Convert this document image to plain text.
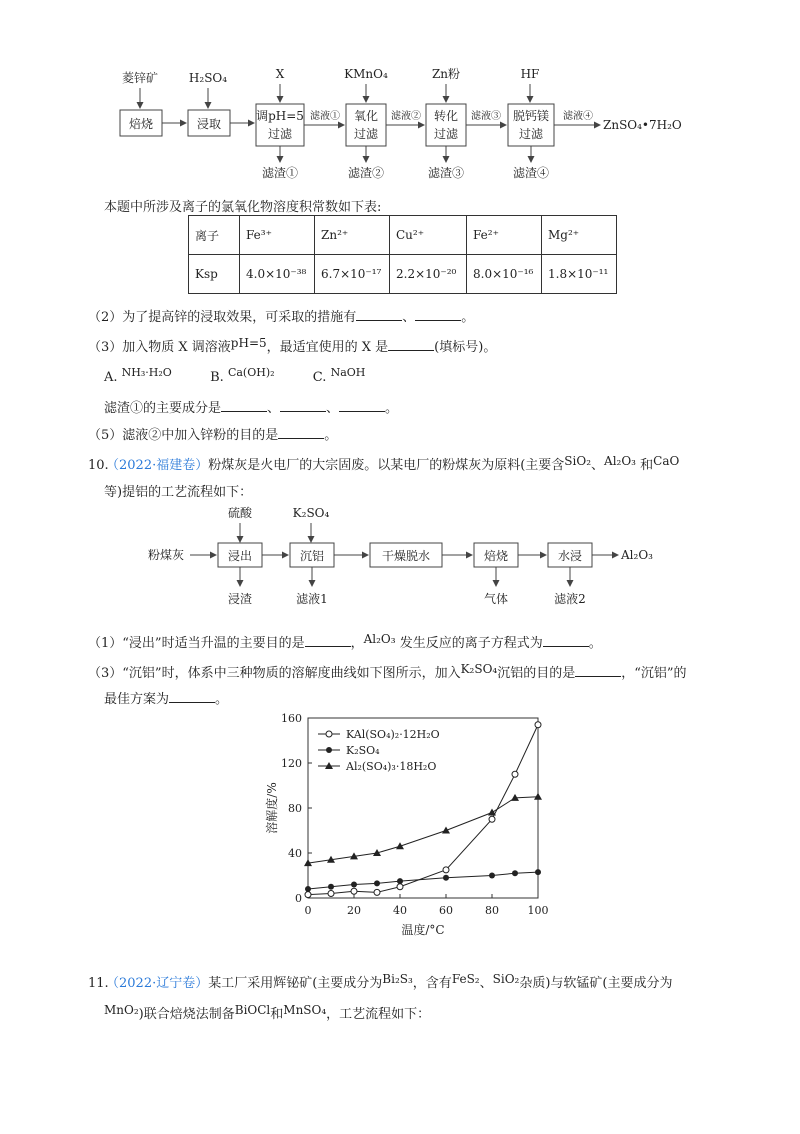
菱锌矿	H₂SO₄	X	KMnO₄	Zn粉	HF
焙烧	浸取
调pH=5
过滤
氧化
过滤
转化
过滤
脱钙镁
过滤
滤液①	滤液②	滤液③	滤液④
ZnSO₄•7H₂O
滤渣①	滤渣②	滤渣③	滤渣④
本题中所涉及离子的氯氧化物溶度积常数如下表:
离子	Fe³⁺	Zn²⁺	Cu²⁺	Fe²⁺	Mg²⁺
Ksp	4.0×10⁻³⁸	6.7×10⁻¹⁷	2.2×10⁻²⁰	8.0×10⁻¹⁶	1.8×10⁻¹¹
（2）为了提高锌的浸取效果，可采取的措施有	、	。
（3）加入物质 X 调溶液pH=5，最适宜使用的 X 是	(填标号)。
A. $^{NH_3\cdot H_2O}$	B. $^{Ca(OH)_2}$	C. $^{NaOH}$
滤渣①的主要成分是	、	、	。
（5）滤液②中加入锌粉的目的是	。
10.（2022·福建卷）粉煤灰是火电厂的大宗固废。以某电厂的粉煤灰为原料(主要含SiO₂、Al₂O₃ 和CaO
等)提铝的工艺流程如下：
硫酸	K₂SO₄
粉煤灰	浸出	沉铝	干燥脱水	焙烧	水浸	Al₂O₃
浸渣	滤液1	气体	滤液2
（1）“浸出”时适当升温的主要目的是	，Al₂O₃ 发生反应的离子方程式为	。
（3）“沉铝”时，体系中三种物质的溶解度曲线如下图所示，加入K₂SO₄沉铝的目的是	，“沉铝”的
最佳方案为	。
0	20	40	60	80	100
0
40
80
120
160
温度/°C
溶解度/%
KAl(SO₄)₂·12H₂O
K₂SO₄
Al₂(SO₄)₃·18H₂O
11.（2022·辽宁卷）某工厂采用辉铋矿(主要成分为Bi₂S₃，含有FeS₂、SiO₂杂质)与软锰矿(主要成分为
MnO₂)联合焙烧法制备BiOCl和MnSO₄，工艺流程如下：
